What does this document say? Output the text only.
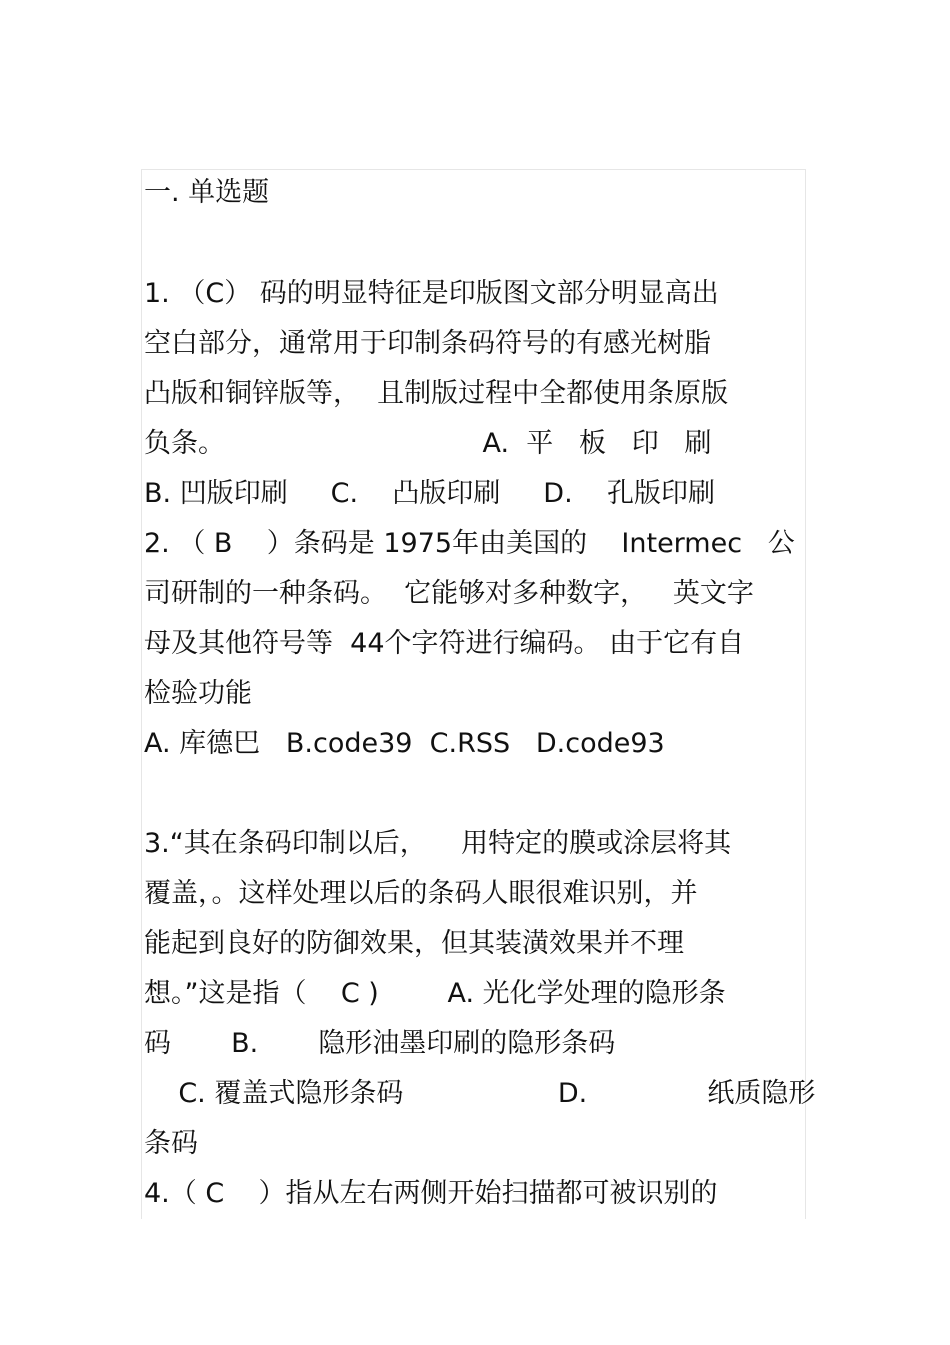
一. 单选题
1. （C） 码的明显特征是印版图文部分明显高出
空白部分，通常用于印制条码符号的有感光树脂
凸版和铜锌版等，  且制版过程中全都使用条原版
负条。                              A.  平   板   印   刷
B. 凹版印刷     C.    凸版印刷     D.    孔版印刷
2. （ B    ）条码是 1975年由美国的    Intermec   公
司研制的一种条码。  它能够对多种数字，   英文字
母及其他符号等  44个字符进行编码。 由于它有自
检验功能
A. 库德巴   B.code39  C.RSS   D.code93
3.“其在条码印制以后，    用特定的膜或涂层将其
覆盖，。这样处理以后的条码人眼很难识别，并
能起到良好的防御效果，但其装潢效果并不理
想。”这是指（    C )        A. 光化学处理的隐形条
码       B.       隐形油墨印刷的隐形条码
C. 覆盖式隐形条码                  D.              纸质隐形
条码
4.（ C    ）指从左右两侧开始扫描都可被识别的
